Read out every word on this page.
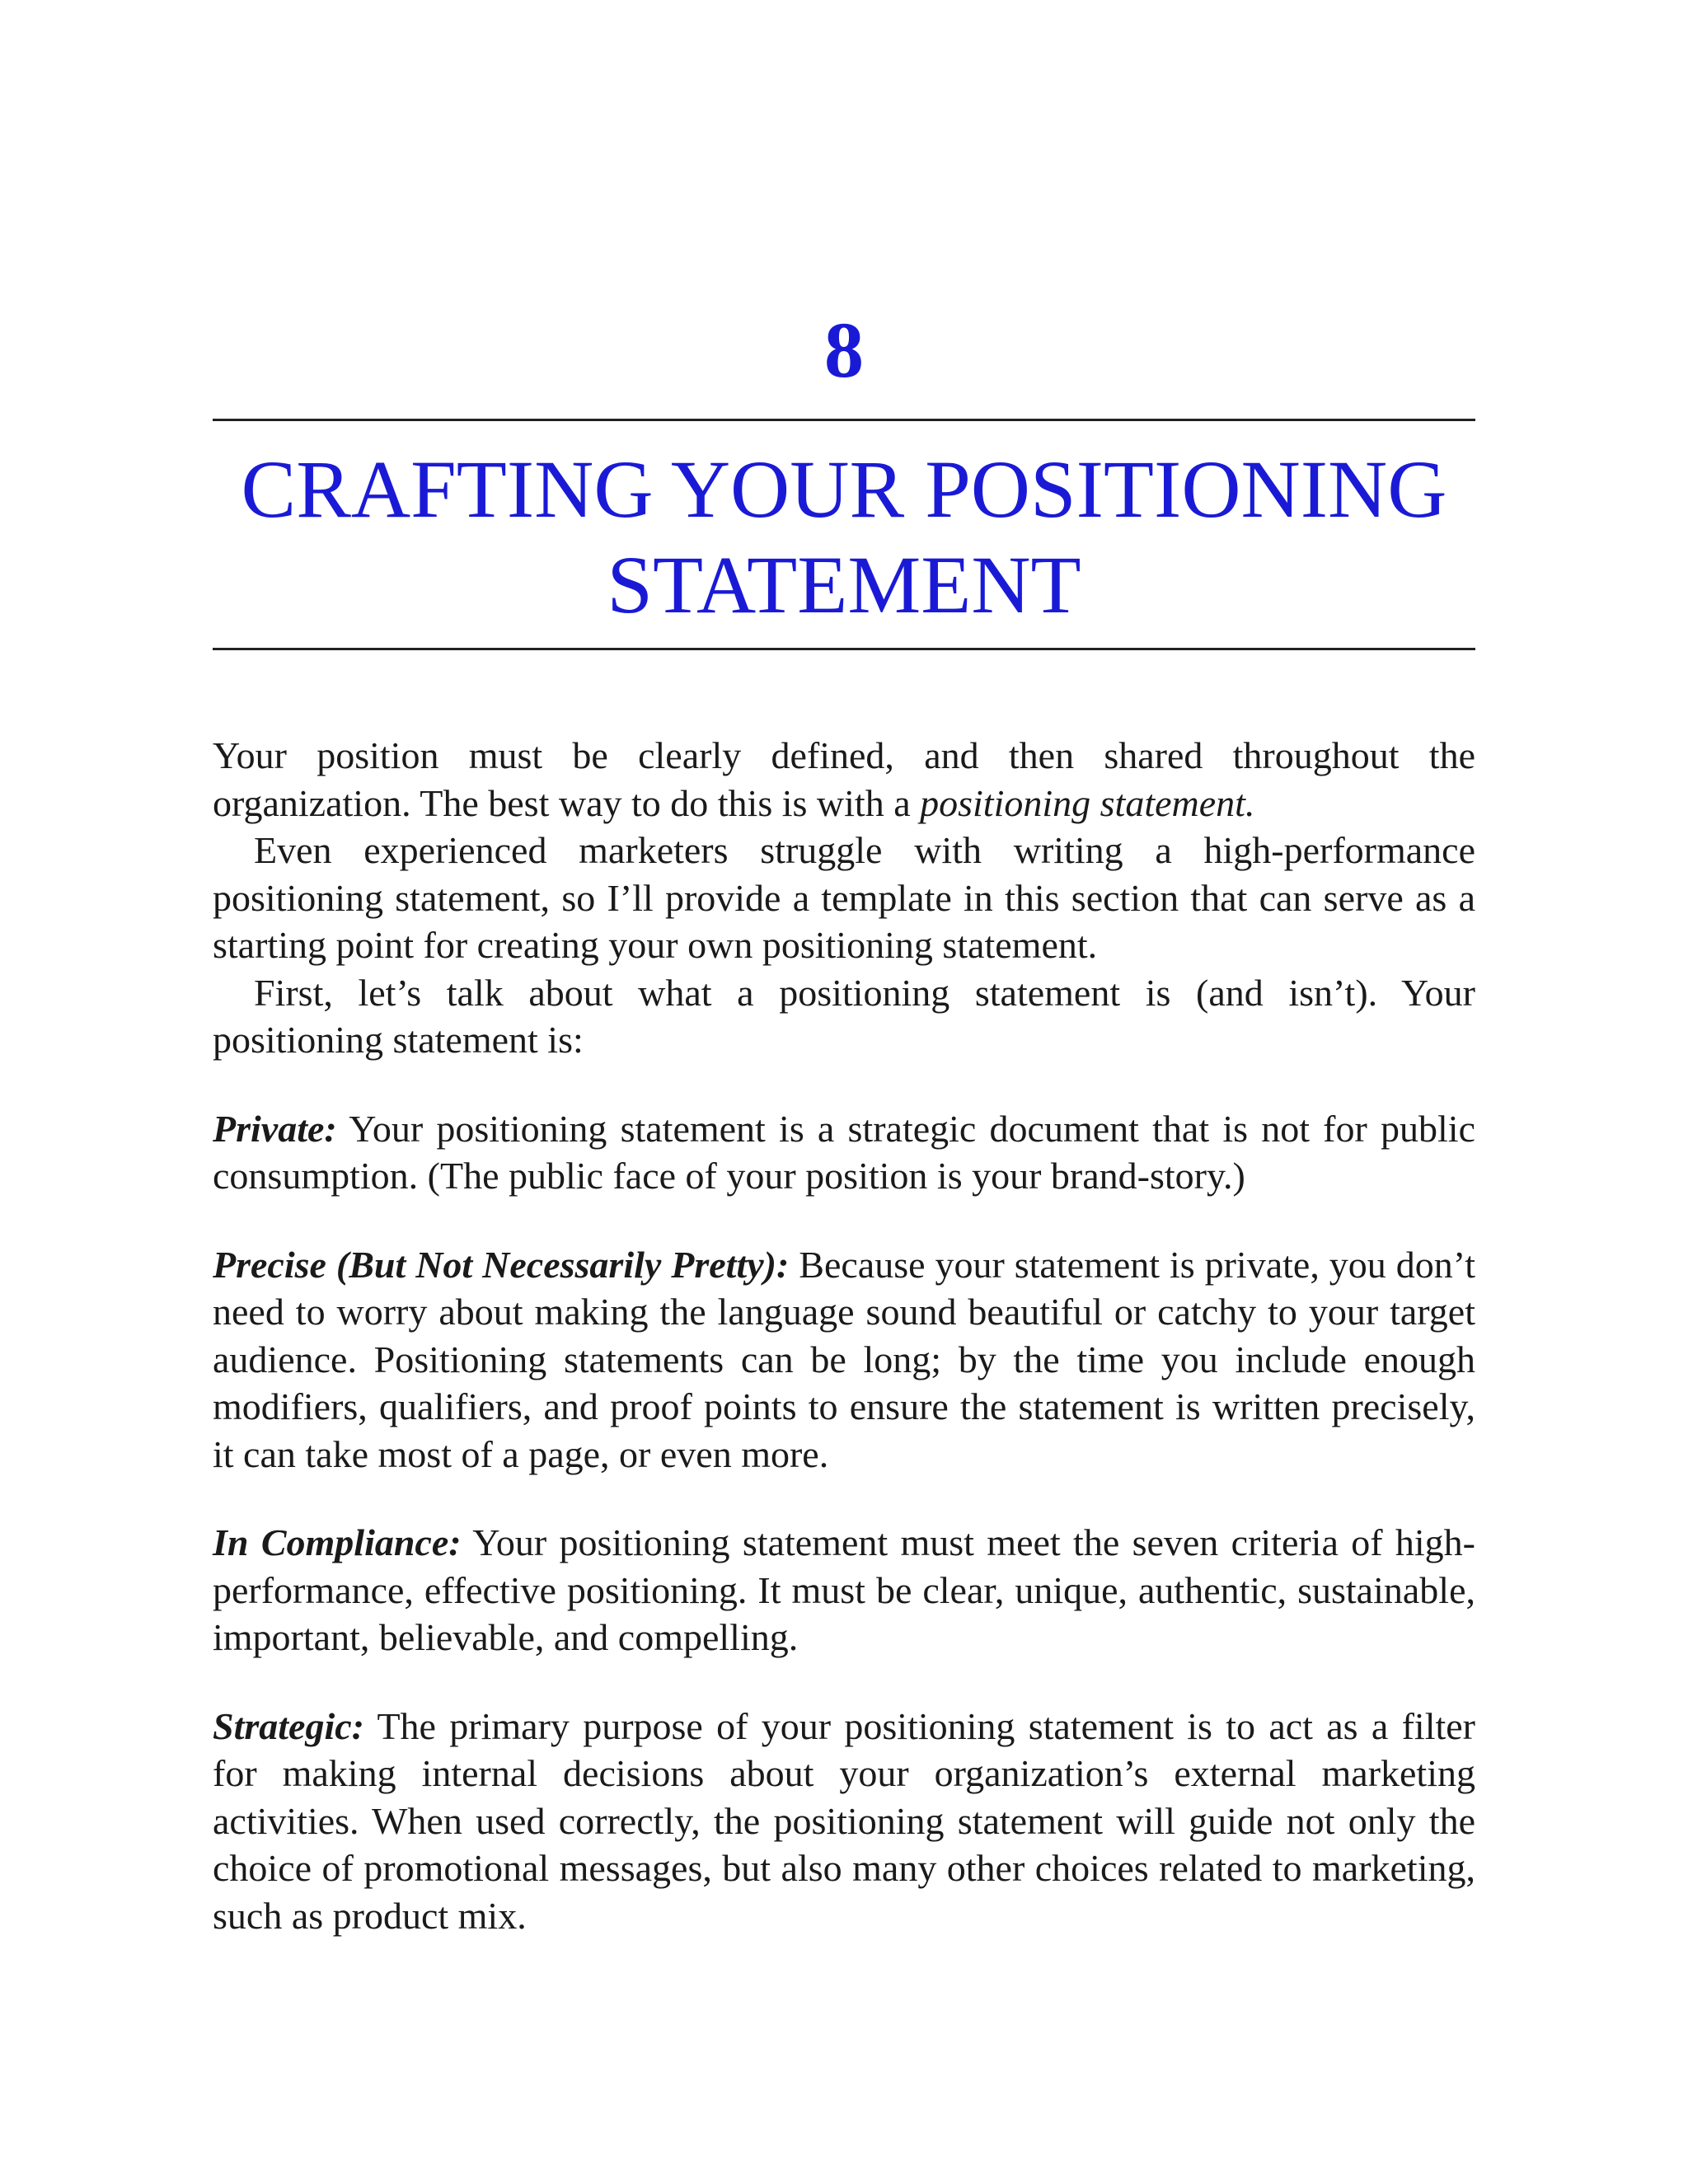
8
CRAFTING YOUR POSITIONING
STATEMENT

Your position must be clearly defined, and then shared throughout the organization. The best way to do this is with a positioning statement.

Even experienced marketers struggle with writing a high-performance positioning statement, so I’ll provide a template in this section that can serve as a starting point for creating your own positioning statement.

First, let’s talk about what a positioning statement is (and isn’t). Your positioning statement is:

Private: Your positioning statement is a strategic document that is not for public consumption. (The public face of your position is your brand-story.)

Precise (But Not Necessarily Pretty): Because your statement is private, you don’t need to worry about making the language sound beautiful or catchy to your target audience. Positioning statements can be long; by the time you include enough modifiers, qualifiers, and proof points to ensure the statement is written precisely, it can take most of a page, or even more.

In Compliance: Your positioning statement must meet the seven criteria of high-performance, effective positioning. It must be clear, unique, authentic, sustainable, important, believable, and compelling.

Strategic: The primary purpose of your positioning statement is to act as a filter for making internal decisions about your organization’s external marketing activities. When used correctly, the positioning statement will guide not only the choice of promotional messages, but also many other choices related to marketing, such as product mix.
